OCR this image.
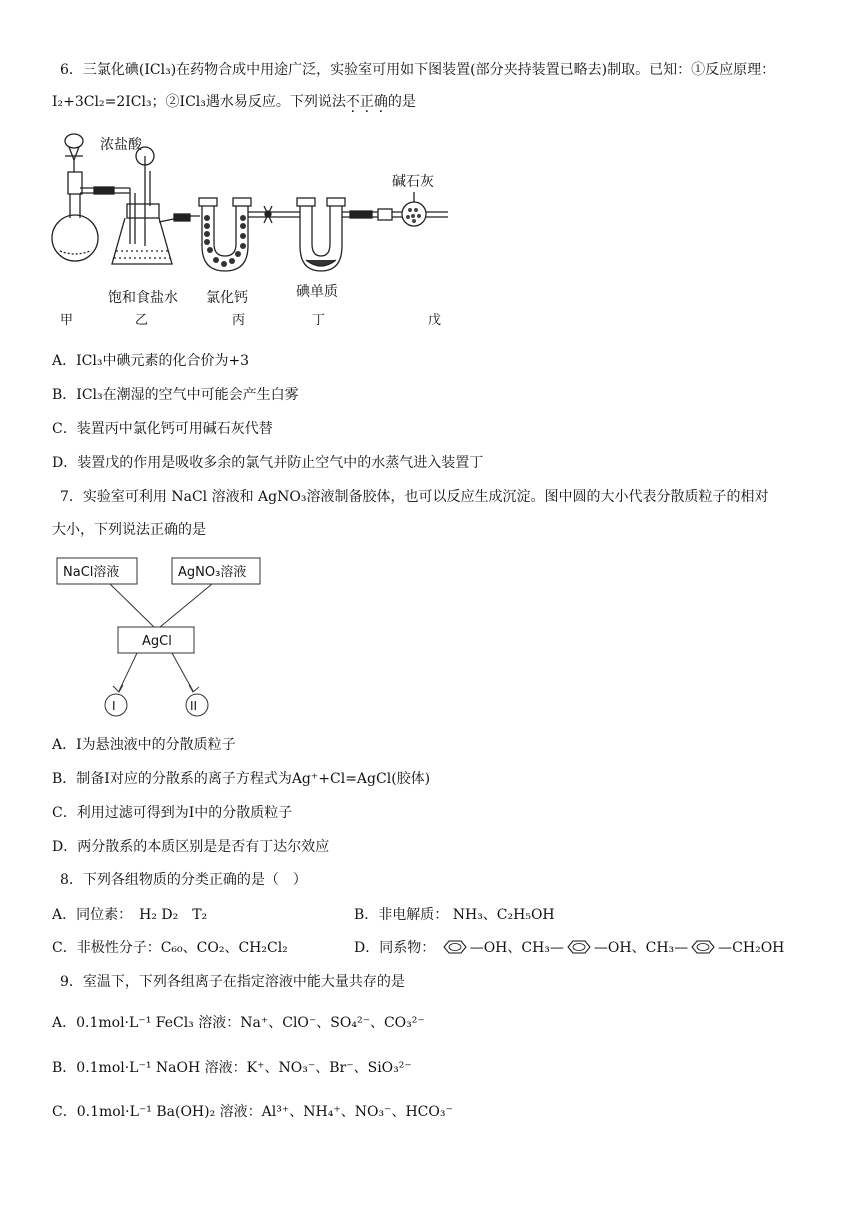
6．三氯化碘(ICl₃)在药物合成中用途广泛，实验室可用如下图装置(部分夹持装置已略去)制取。已知：①反应原理：
I₂+3Cl₂=2ICl₃；②ICl₃遇水易反应。下列说法不正确的是
浓盐酸
饱和食盐水 氯化钙	碘单质
碱石灰
甲	乙	丙	丁	戊
A．ICl₃中碘元素的化合价为+3
B．ICl₃在潮湿的空气中可能会产生白雾
C．装置丙中氯化钙可用碱石灰代替
D．装置戊的作用是吸收多余的氯气并防止空气中的水蒸气进入装置丁
7．实验室可利用 NaCl 溶液和 AgNO₃溶液制备胶体，也可以反应生成沉淀。图中圆的大小代表分散质粒子的相对
大小，下列说法正确的是
NaCl溶液	AgNO₃溶液
AgCl
I	II
A．I为悬浊液中的分散质粒子
B．制备I对应的分散系的离子方程式为Ag⁺+Cl=AgCl(胶体)
C．利用过滤可得到为I中的分散质粒子
D．两分散系的本质区别是是否有丁达尔效应
8．下列各组物质的分类正确的是（　）
A．同位素：　H₂ D₂　T₂	B．非电解质： NH₃、C₂H₅OH
C．非极性分子：C₆₀、CO₂、CH₂Cl₂	D．同系物： —OH、CH₃— —OH、CH₃— —CH₂OH
9．室温下，下列各组离子在指定溶液中能大量共存的是
A．0.1mol·L⁻¹ FeCl₃ 溶液：Na⁺、ClO⁻、SO₄²⁻、CO₃²⁻
B．0.1mol·L⁻¹ NaOH 溶液：K⁺、NO₃⁻、Br⁻、SiO₃²⁻
C．0.1mol·L⁻¹ Ba(OH)₂ 溶液：Al³⁺、NH₄⁺、NO₃⁻、HCO₃⁻
